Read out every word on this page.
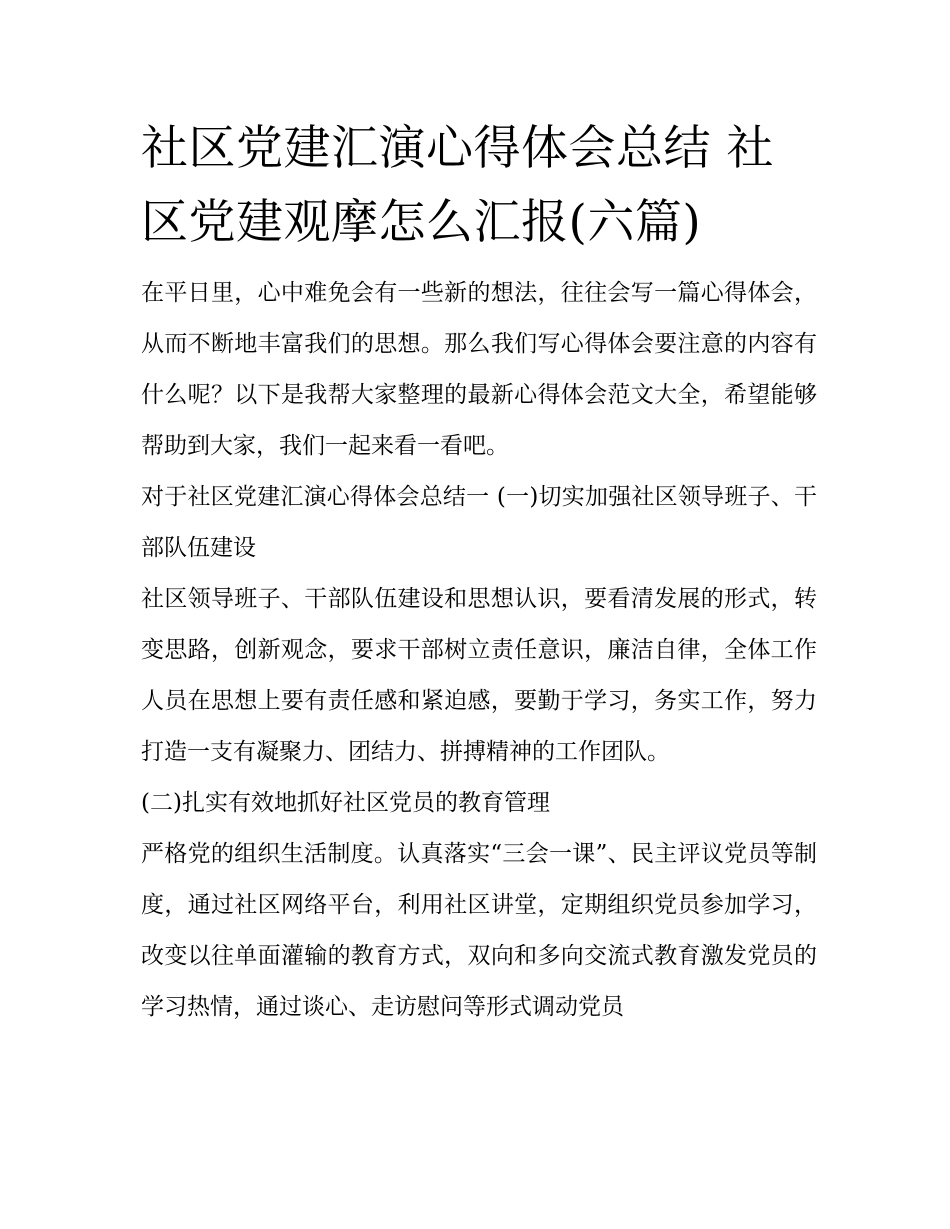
社区党建汇演心得体会总结 社区党建观摩怎么汇报(六篇)

在平日里，心中难免会有一些新的想法，往往会写一篇心得体会，从而不断地丰富我们的思想。那么我们写心得体会要注意的内容有什么呢？以下是我帮大家整理的最新心得体会范文大全，希望能够帮助到大家，我们一起来看一看吧。

对于社区党建汇演心得体会总结一 (一)切实加强社区领导班子、干部队伍建设

社区领导班子、干部队伍建设和思想认识，要看清发展的形式，转变思路，创新观念，要求干部树立责任意识，廉洁自律，全体工作人员在思想上要有责任感和紧迫感，要勤于学习，务实工作，努力打造一支有凝聚力、团结力、拼搏精神的工作团队。

(二)扎实有效地抓好社区党员的教育管理

严格党的组织生活制度。认真落实“三会一课”、民主评议党员等制度，通过社区网络平台，利用社区讲堂，定期组织党员参加学习，改变以往单面灌输的教育方式，双向和多向交流式教育激发党员的学习热情，通过谈心、走访慰问等形式调动党员
